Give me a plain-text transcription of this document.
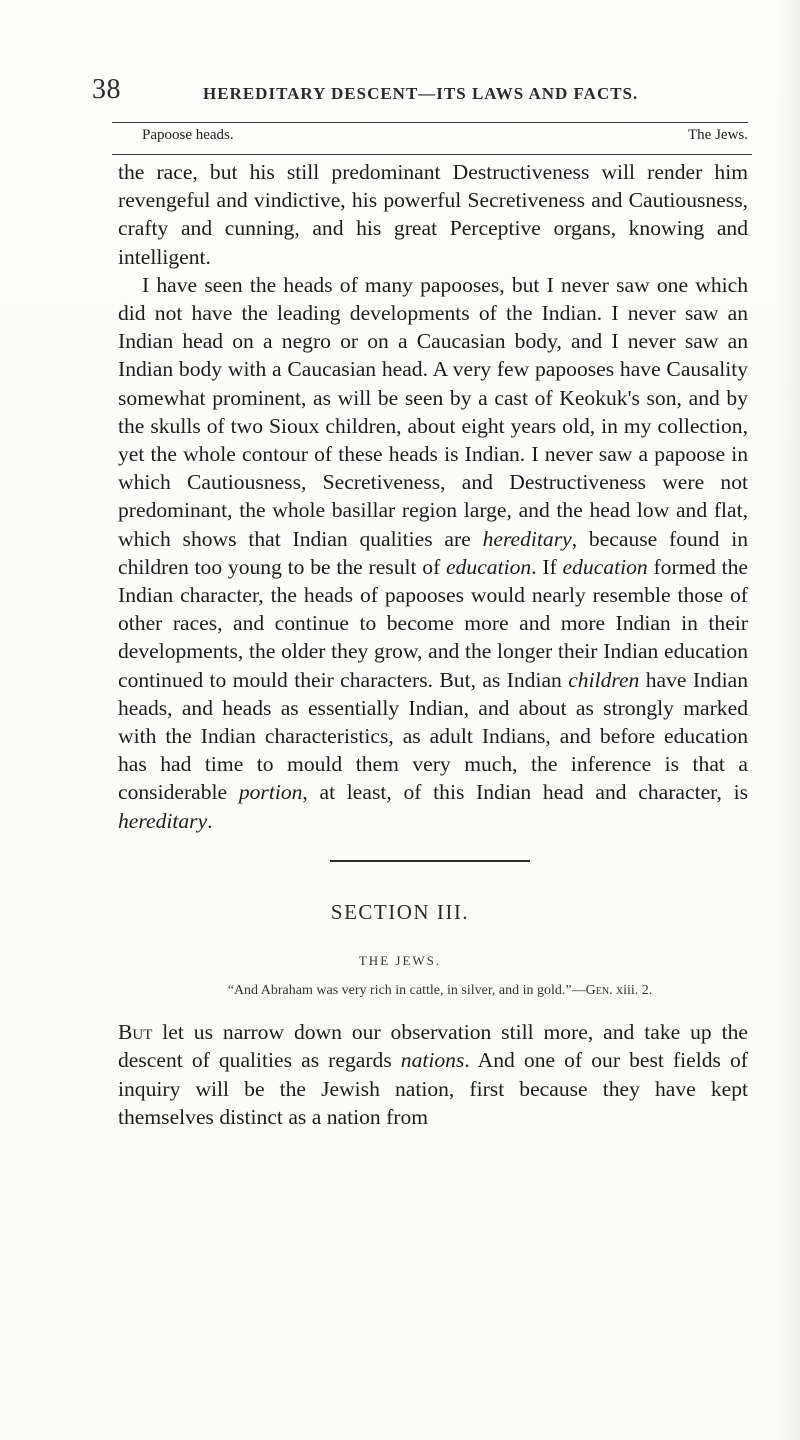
38	HEREDITARY DESCENT—ITS LAWS AND FACTS.
Papoose heads.	The Jews.

the race, but his still predominant Destructiveness will render him revengeful and vindictive, his powerful Secretiveness and Cautiousness, crafty and cunning, and his great Perceptive organs, knowing and intelligent.

I have seen the heads of many papooses, but I never saw one which did not have the leading developments of the Indian. I never saw an Indian head on a negro or on a Caucasian body, and I never saw an Indian body with a Caucasian head. A very few papooses have Causality somewhat prominent, as will be seen by a cast of Keokuk's son, and by the skulls of two Sioux children, about eight years old, in my collection, yet the whole contour of these heads is Indian. I never saw a papoose in which Cautiousness, Secretiveness, and Destructiveness were not predominant, the whole basillar region large, and the head low and flat, which shows that Indian qualities are hereditary, because found in children too young to be the result of education. If education formed the Indian character, the heads of papooses would nearly resemble those of other races, and continue to become more and more Indian in their developments, the older they grow, and the longer their Indian education continued to mould their characters. But, as Indian children have Indian heads, and heads as essentially Indian, and about as strongly marked with the Indian characteristics, as adult Indians, and before education has had time to mould them very much, the inference is that a considerable portion, at least, of this Indian head and character, is hereditary.

SECTION III.
THE JEWS.
“And Abraham was very rich in cattle, in silver, and in gold.”—Gen. xiii. 2.

But let us narrow down our observation still more, and take up the descent of qualities as regards nations. And one of our best fields of inquiry will be the Jewish nation, first because they have kept themselves distinct as a nation from
